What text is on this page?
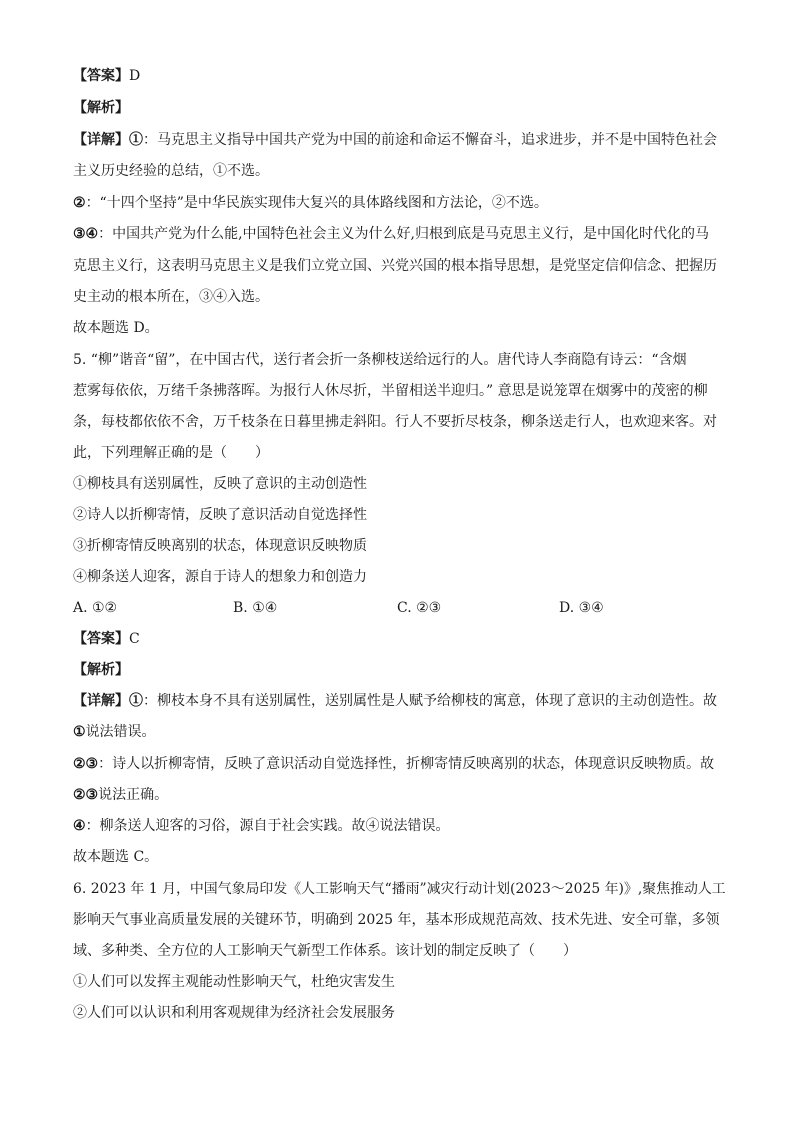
【答案】D
【解析】
【详解】①：马克思主义指导中国共产党为中国的前途和命运不懈奋斗，追求进步，并不是中国特色社会
主义历史经验的总结，①不选。
②：“十四个坚持”是中华民族实现伟大复兴的具体路线图和方法论，②不选。
③④：中国共产党为什么能,中国特色社会主义为什么好,归根到底是马克思主义行，是中国化时代化的马
克思主义行，这表明马克思主义是我们立党立国、兴党兴国的根本指导思想，是党坚定信仰信念、把握历
史主动的根本所在，③④入选。
故本题选 D。
5. “柳”谐音“留”，在中国古代，送行者会折一条柳枝送给远行的人。唐代诗人李商隐有诗云：“含烟
惹雾每依依，万绪千条拂落晖。为报行人休尽折，半留相送半迎归。” 意思是说笼罩在烟雾中的茂密的柳
条，每枝都依依不舍，万千枝条在日暮里拂走斜阳。行人不要折尽枝条，柳条送走行人，也欢迎来客。对
此，下列理解正确的是（　　）
①柳枝具有送别属性，反映了意识的主动创造性
②诗人以折柳寄情，反映了意识活动自觉选择性
③折柳寄情反映离别的状态，体现意识反映物质
④柳条送人迎客，源自于诗人的想象力和创造力
A. ①②	B. ①④	C. ②③	D. ③④
【答案】C
【解析】
【详解】①：柳枝本身不具有送别属性，送别属性是人赋予给柳枝的寓意，体现了意识的主动创造性。故
①说法错误。
②③：诗人以折柳寄情，反映了意识活动自觉选择性，折柳寄情反映离别的状态，体现意识反映物质。故
②③说法正确。
④：柳条送人迎客的习俗，源自于社会实践。故④说法错误。
故本题选 C。
6. 2023 年 1 月，中国气象局印发《人工影响天气“播雨”减灾行动计划(2023～2025 年)》,聚焦推动人工
影响天气事业高质量发展的关键环节，明确到 2025 年，基本形成规范高效、技术先进、安全可靠，多领
域、多种类、全方位的人工影响天气新型工作体系。该计划的制定反映了（　　）
①人们可以发挥主观能动性影响天气，杜绝灾害发生
②人们可以认识和利用客观规律为经济社会发展服务
